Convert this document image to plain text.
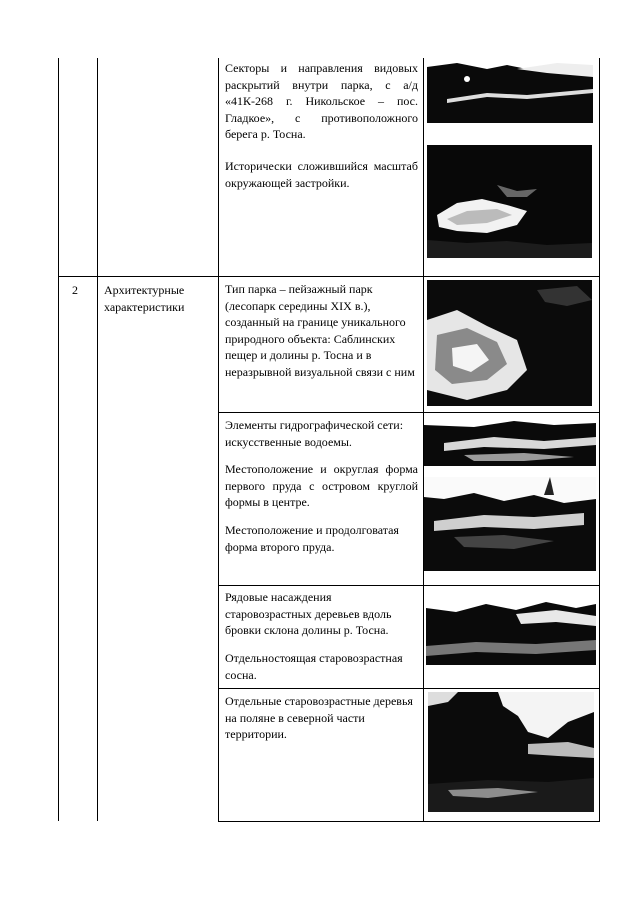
Секторы и направления видовых раскрытий внутри парка, с а/д «41К-268 г. Никольское – пос. Гладкое», с противоположного берега р. Тосна.
Исторически сложившийся масштаб окружающей застройки.
2 Архитектурные характеристики
Тип парка – пейзажный парк (лесопарк середины XIX в.), созданный на границе уникального природного объекта: Саблинских пещер и долины р. Тосна и в неразрывной визуальной связи с ним
Элементы гидрографической сети: искусственные водоемы.
Местоположение и округлая форма первого пруда с островом круглой формы в центре.
Местоположение и продолговатая форма второго пруда.
Рядовые насаждения старовозрастных деревьев вдоль бровки склона долины р. Тосна.
Отдельностоящая старовозрастная сосна.
Отдельные старовозрастные деревья на поляне в северной части территории.
